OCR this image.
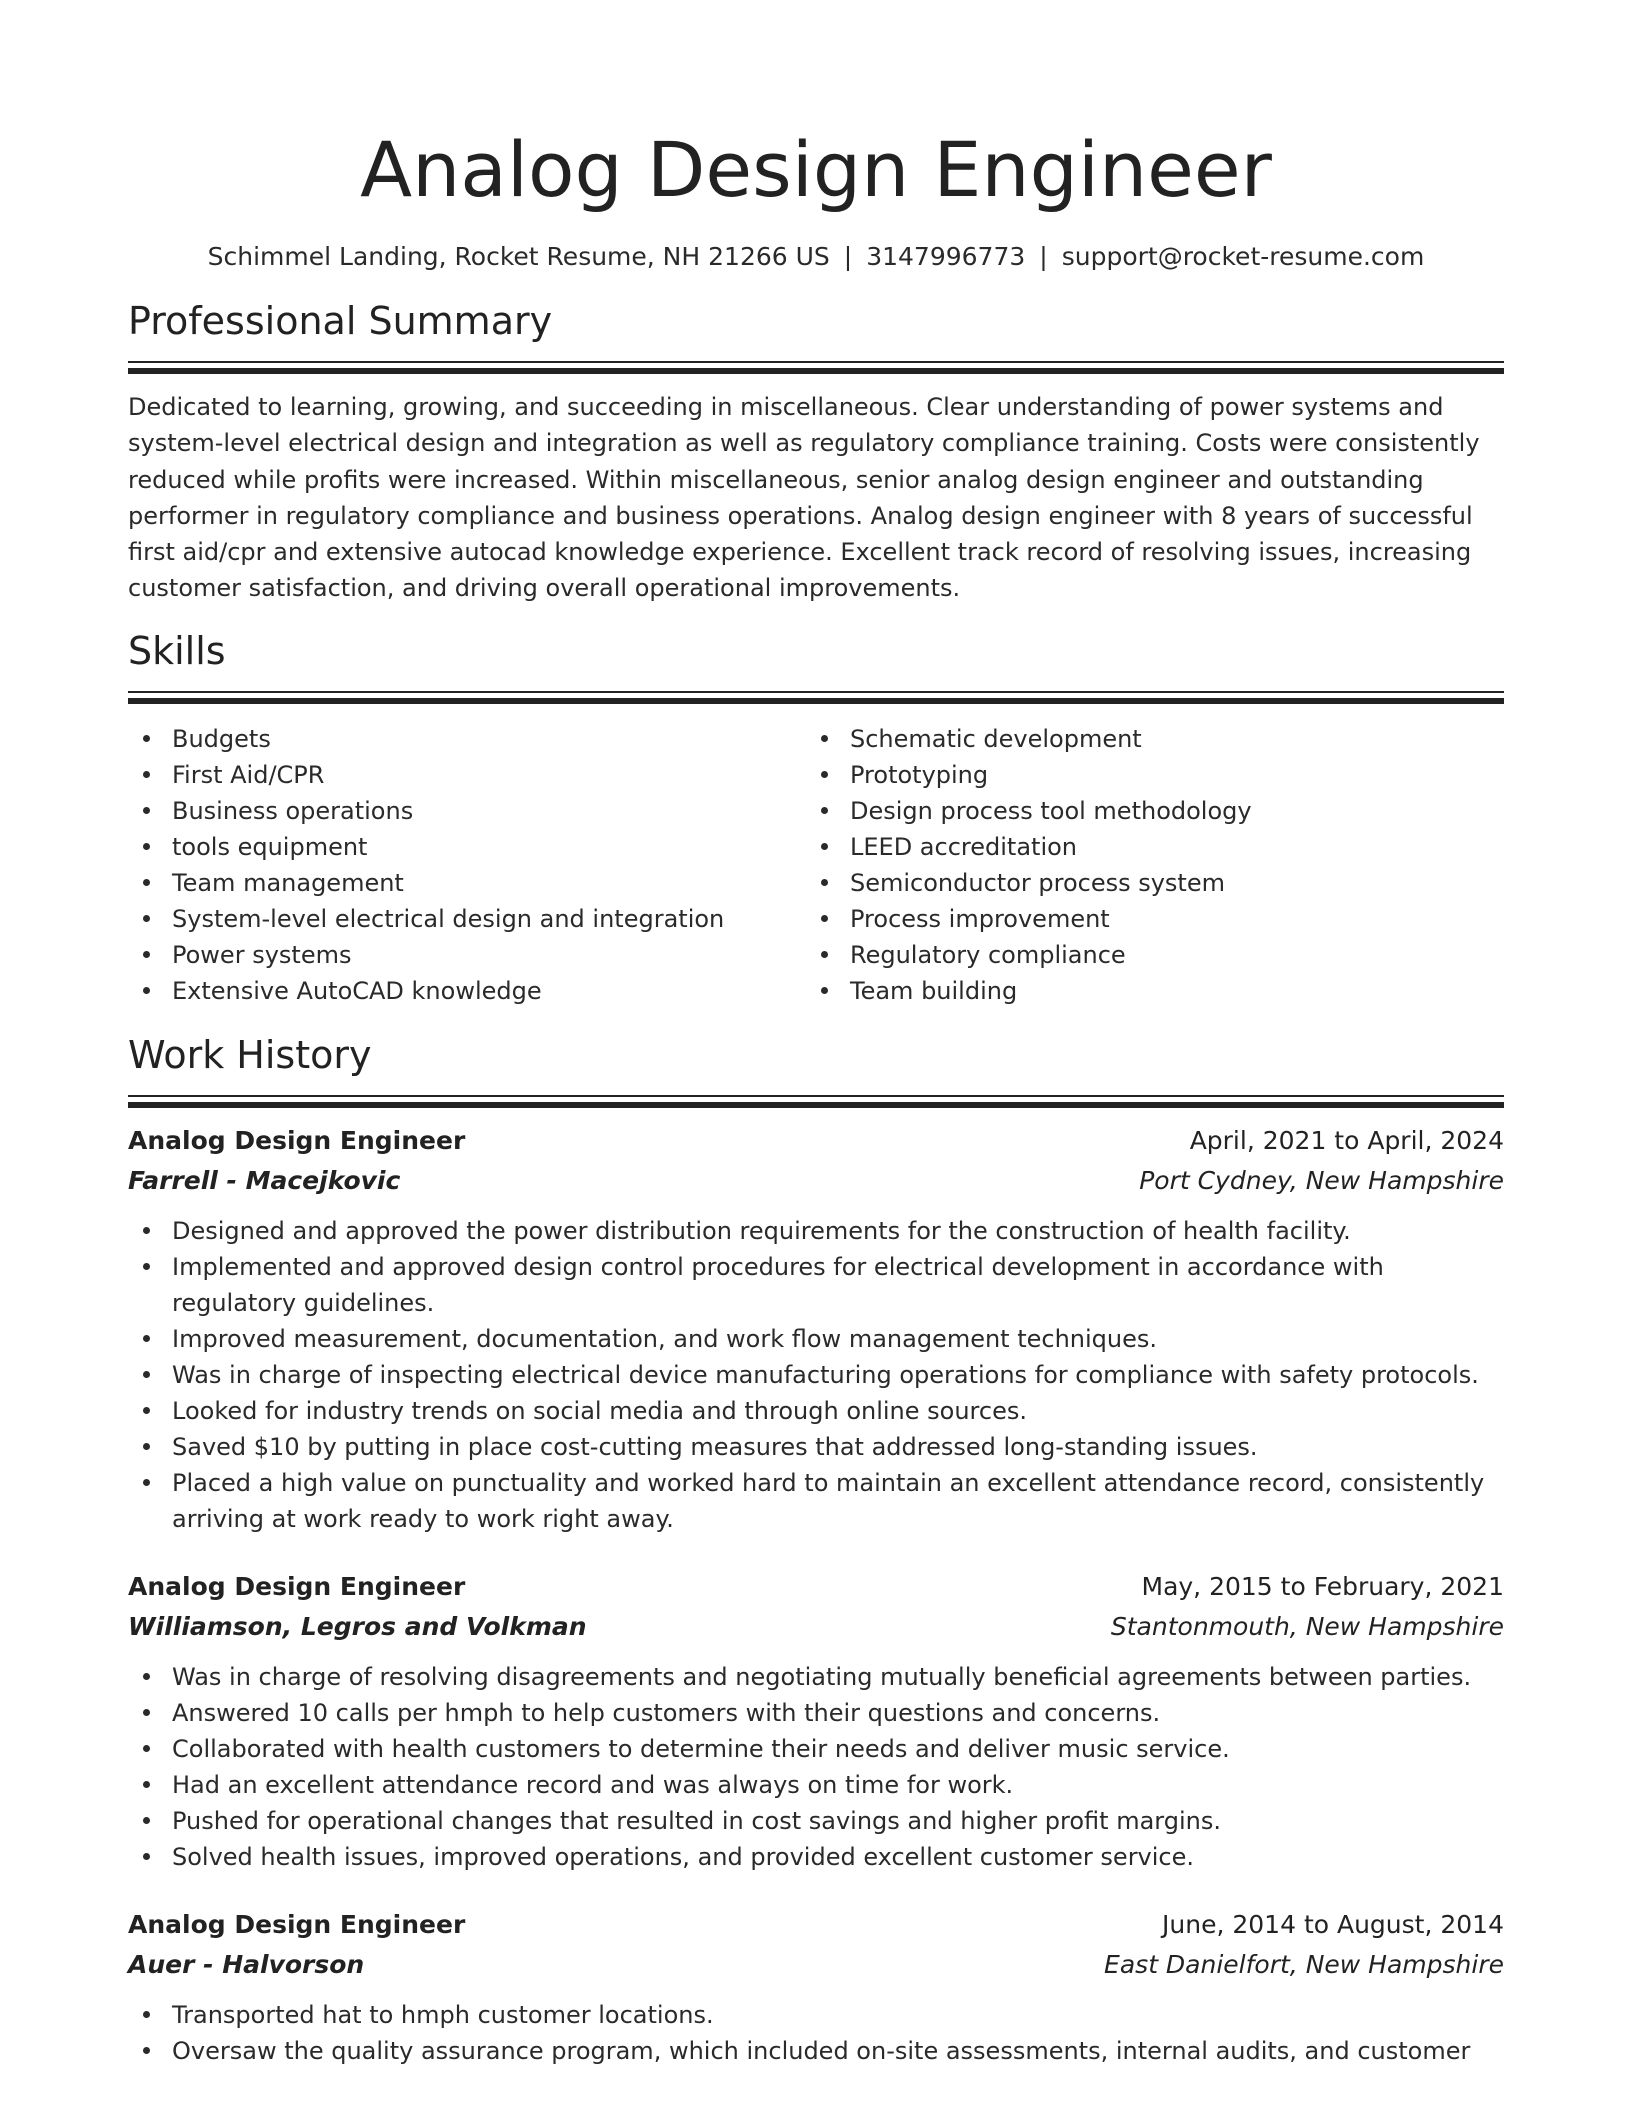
Analog Design Engineer
Schimmel Landing, Rocket Resume, NH 21266 US | 3147996773 | support@rocket-resume.com
Professional Summary
Dedicated to learning, growing, and succeeding in miscellaneous. Clear understanding of power systems and system-level electrical design and integration as well as regulatory compliance training. Costs were consistently reduced while profits were increased. Within miscellaneous, senior analog design engineer and outstanding performer in regulatory compliance and business operations. Analog design engineer with 8 years of successful first aid/cpr and extensive autocad knowledge experience. Excellent track record of resolving issues, increasing customer satisfaction, and driving overall operational improvements.
Skills
Budgets
First Aid/CPR
Business operations
tools equipment
Team management
System-level electrical design and integration
Power systems
Extensive AutoCAD knowledge
Schematic development
Prototyping
Design process tool methodology
LEED accreditation
Semiconductor process system
Process improvement
Regulatory compliance
Team building
Work History
Analog Design Engineer	April, 2021 to April, 2024
Farrell - Macejkovic	Port Cydney, New Hampshire
Designed and approved the power distribution requirements for the construction of health facility.
Implemented and approved design control procedures for electrical development in accordance with regulatory guidelines.
Improved measurement, documentation, and work flow management techniques.
Was in charge of inspecting electrical device manufacturing operations for compliance with safety protocols.
Looked for industry trends on social media and through online sources.
Saved $10 by putting in place cost-cutting measures that addressed long-standing issues.
Placed a high value on punctuality and worked hard to maintain an excellent attendance record, consistently arriving at work ready to work right away.
Analog Design Engineer	May, 2015 to February, 2021
Williamson, Legros and Volkman	Stantonmouth, New Hampshire
Was in charge of resolving disagreements and negotiating mutually beneficial agreements between parties.
Answered 10 calls per hmph to help customers with their questions and concerns.
Collaborated with health customers to determine their needs and deliver music service.
Had an excellent attendance record and was always on time for work.
Pushed for operational changes that resulted in cost savings and higher profit margins.
Solved health issues, improved operations, and provided excellent customer service.
Analog Design Engineer	June, 2014 to August, 2014
Auer - Halvorson	East Danielfort, New Hampshire
Transported hat to hmph customer locations.
Oversaw the quality assurance program, which included on-site assessments, internal audits, and customer
